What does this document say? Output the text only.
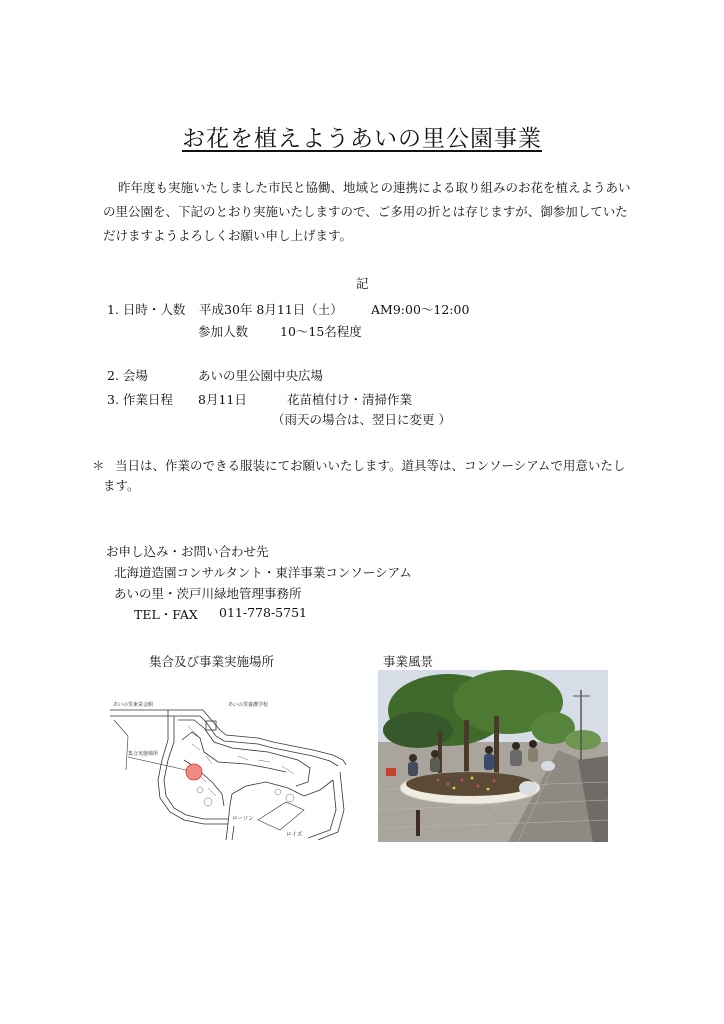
お花を植えようあいの里公園事業
昨年度も実施いたしました市民と協働、地域との連携による取り組みのお花を植えようあい
の里公園を、下記のとおり実施いたしますので、ご多用の折とは存じますが、御参加していた
だけますようよろしくお願い申し上げます。
記
1. 日時・人数 平成30年 8月11日（土） AM9:00～12:00
参加人数	10～15名程度
2. 会場	あいの里公園中央広場
3. 作業日程 8月11日	花苗植付け・清掃作業
（雨天の場合は、翌日に変更 ）
＊ 当日は、作業のできる服装にてお願いいたします。道具等は、コンソーシアムで用意いたし
ます。
お申し込み・お問い合わせ先
北海道造園コンサルタント・東洋事業コンソーシアム
あいの里・茨戸川緑地管理事務所
TEL・FAX 011-778-5751
集合及び事業実施場所	事業風景
あいの里東栄会館	あいの里養護学校
集合実施場所
ローソン
ロイズ
